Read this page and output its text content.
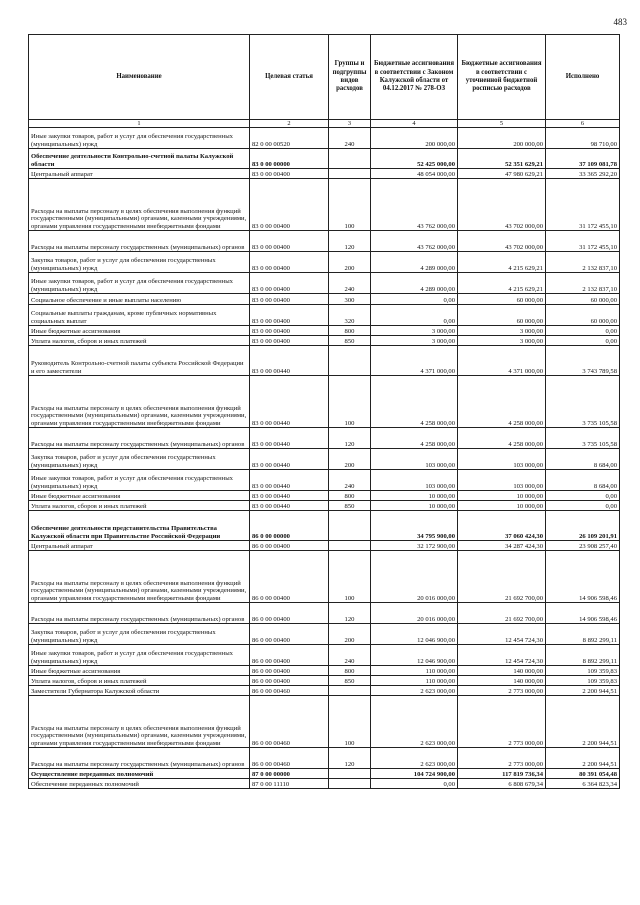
483
Наименование	Целевая статья	Группы и подгруппы видов расходов	Бюджетные ассигнования в соответствии с Законом Калужской области от 04.12.2017 № 278-ОЗ	Бюджетные ассигнования в соответствии с уточненной бюджетной росписью расходов	Исполнено
1	2	3	4	5	6
Иные закупки товаров, работ и услуг для обеспечения государственных (муниципальных) нужд	82 0 00 00520	240	200 000,00	200 000,00	98 710,00
Обеспечение деятельности Контрольно-счетной палаты Калужской области	83 0 00 00000		52 425 000,00	52 351 629,21	37 109 081,78
Центральный аппарат	83 0 00 00400		48 054 000,00	47 980 629,21	33 365 292,20
Расходы на выплаты персоналу в целях обеспечения выполнения функций государственными (муниципальными) органами, казенными учреждениями, органами управления государственными внебюджетными фондами	83 0 00 00400	100	43 762 000,00	43 702 000,00	31 172 455,10
Расходы на выплаты персоналу государственных (муниципальных) органов	83 0 00 00400	120	43 762 000,00	43 702 000,00	31 172 455,10
Закупка товаров, работ и услуг для обеспечения государственных (муниципальных) нужд	83 0 00 00400	200	4 289 000,00	4 215 629,21	2 132 837,10
Иные закупки товаров, работ и услуг для обеспечения государственных (муниципальных) нужд	83 0 00 00400	240	4 289 000,00	4 215 629,21	2 132 837,10
Социальное обеспечение и иные выплаты населению	83 0 00 00400	300	0,00	60 000,00	60 000,00
Социальные выплаты гражданам, кроме публичных нормативных социальных выплат	83 0 00 00400	320	0,00	60 000,00	60 000,00
Иные бюджетные ассигнования	83 0 00 00400	800	3 000,00	3 000,00	0,00
Уплата налогов, сборов и иных платежей	83 0 00 00400	850	3 000,00	3 000,00	0,00
Руководитель Контрольно-счетной палаты субъекта Российской Федерации и его заместители	83 0 00 00440		4 371 000,00	4 371 000,00	3 743 789,58
Расходы на выплаты персоналу в целях обеспечения выполнения функций государственными (муниципальными) органами, казенными учреждениями, органами управления государственными внебюджетными фондами	83 0 00 00440	100	4 258 000,00	4 258 000,00	3 735 105,58
Расходы на выплаты персоналу государственных (муниципальных) органов	83 0 00 00440	120	4 258 000,00	4 258 000,00	3 735 105,58
Закупка товаров, работ и услуг для обеспечения государственных (муниципальных) нужд	83 0 00 00440	200	103 000,00	103 000,00	8 684,00
Иные закупки товаров, работ и услуг для обеспечения государственных (муниципальных) нужд	83 0 00 00440	240	103 000,00	103 000,00	8 684,00
Иные бюджетные ассигнования	83 0 00 00440	800	10 000,00	10 000,00	0,00
Уплата налогов, сборов и иных платежей	83 0 00 00440	850	10 000,00	10 000,00	0,00
Обеспечение деятельности представительства Правительства Калужской области при Правительстве Российской Федерации	86 0 00 00000		34 795 900,00	37 060 424,30	26 109 201,91
Центральный аппарат	86 0 00 00400		32 172 900,00	34 287 424,30	23 908 257,40
Расходы на выплаты персоналу в целях обеспечения выполнения функций государственными (муниципальными) органами, казенными учреждениями, органами управления государственными внебюджетными фондами	86 0 00 00400	100	20 016 000,00	21 692 700,00	14 906 598,46
Расходы на выплаты персоналу государственных (муниципальных) органов	86 0 00 00400	120	20 016 000,00	21 692 700,00	14 906 598,46
Закупка товаров, работ и услуг для обеспечения государственных (муниципальных) нужд	86 0 00 00400	200	12 046 900,00	12 454 724,30	8 892 299,11
Иные закупки товаров, работ и услуг для обеспечения государственных (муниципальных) нужд	86 0 00 00400	240	12 046 900,00	12 454 724,30	8 892 299,11
Иные бюджетные ассигнования	86 0 00 00400	800	110 000,00	140 000,00	109 359,83
Уплата налогов, сборов и иных платежей	86 0 00 00400	850	110 000,00	140 000,00	109 359,83
Заместители Губернатора Калужской области	86 0 00 00460		2 623 000,00	2 773 000,00	2 200 944,51
Расходы на выплаты персоналу в целях обеспечения выполнения функций государственными (муниципальными) органами, казенными учреждениями, органами управления государственными внебюджетными фондами	86 0 00 00460	100	2 623 000,00	2 773 000,00	2 200 944,51
Расходы на выплаты персоналу государственных (муниципальных) органов	86 0 00 00460	120	2 623 000,00	2 773 000,00	2 200 944,51
Осуществление переданных полномочий	87 0 00 00000		104 724 900,00	117 819 736,34	80 391 054,48
Обеспечение переданных полномочий	87 0 00 11110		0,00	6 808 679,34	6 364 823,34
